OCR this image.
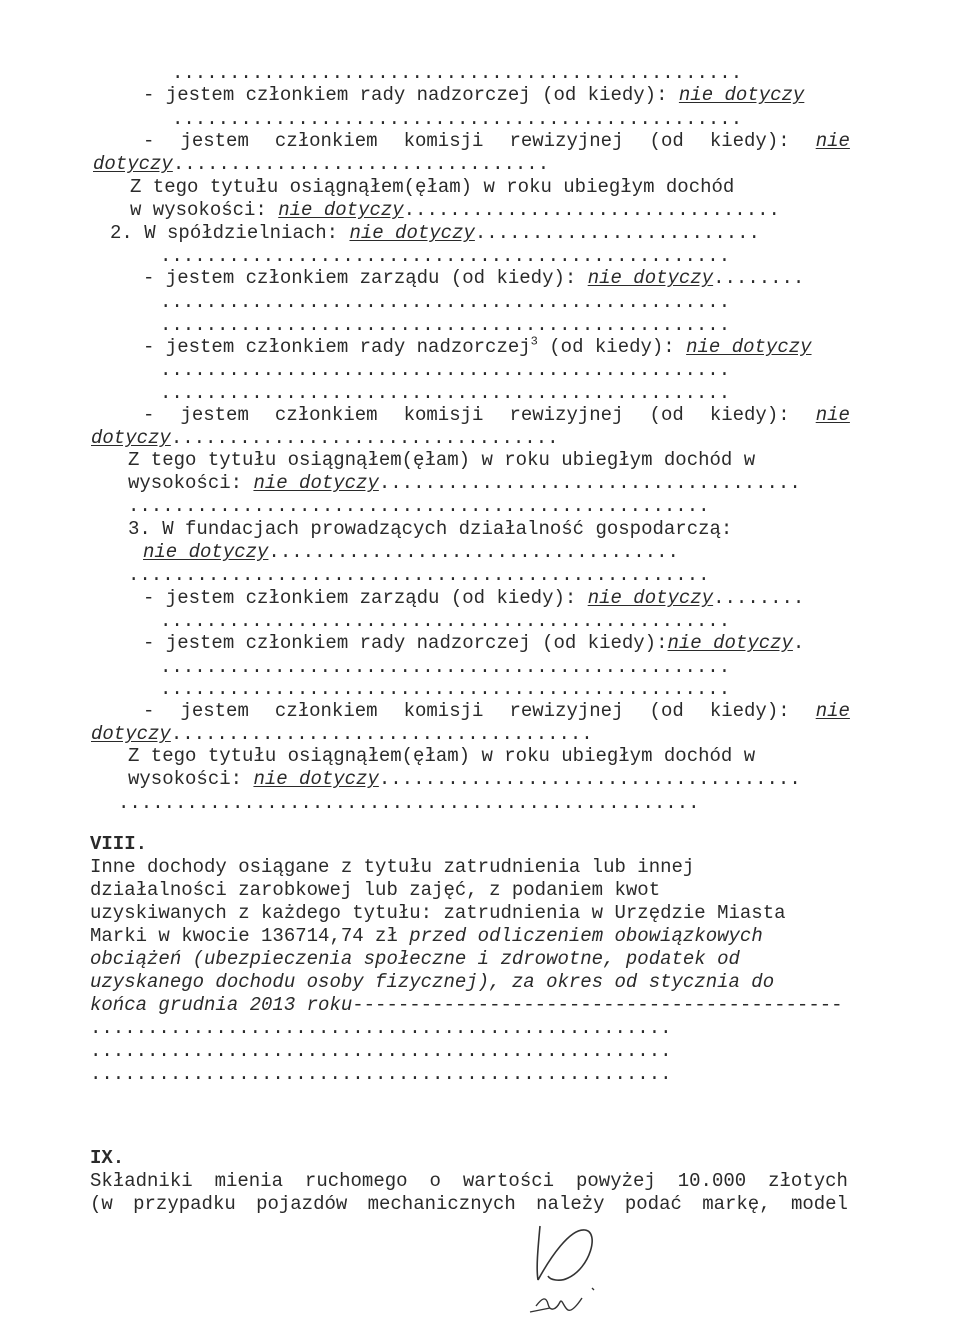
..................................................
- jestem członkiem rady nadzorczej (od kiedy): nie dotyczy
..................................................
- jestem członkiem komisji rewizyjnej (od kiedy): nie
dotyczy.................................
Z tego tytułu osiągnąłem(ęłam) w roku ubiegłym dochód
w wysokości: nie dotyczy.................................
2. W spółdzielniach: nie dotyczy.........................
..................................................
- jestem członkiem zarządu (od kiedy): nie dotyczy........
..................................................
..................................................
- jestem członkiem rady nadzorczej$^3$ (od kiedy): nie dotyczy
..................................................
..................................................
- jestem członkiem komisji rewizyjnej (od kiedy): nie
dotyczy..................................
Z tego tytułu osiągnąłem(ęłam) w roku ubiegłym dochód w
wysokości: nie dotyczy.....................................
...................................................
3. W fundacjach prowadzących działalność gospodarczą:
nie dotyczy....................................
...................................................
- jestem członkiem zarządu (od kiedy): nie dotyczy........
..................................................
- jestem członkiem rady nadzorczej (od kiedy):nie dotyczy.
..................................................
..................................................
- jestem członkiem komisji rewizyjnej (od kiedy): nie
dotyczy.....................................
Z tego tytułu osiągnąłem(ęłam) w roku ubiegłym dochód w
wysokości: nie dotyczy.....................................
...................................................
VIII.
Inne dochody osiągane z tytułu zatrudnienia lub innej
działalności zarobkowej lub zajęć, z podaniem kwot
uzyskiwanych z każdego tytułu: zatrudnienia w Urzędzie Miasta
Marki w kwocie 136714,74 zł przed odliczeniem obowiązkowych
obciążeń (ubezpieczenia społeczne i zdrowotne, podatek od
uzyskanego dochodu osoby fizycznej), za okres od stycznia do
końca grudnia 2013 roku-------------------------------------------
...................................................
...................................................
...................................................
IX.
Składniki mienia ruchomego o wartości powyżej 10.000 złotych
(w przypadku pojazdów mechanicznych należy podać markę, model
